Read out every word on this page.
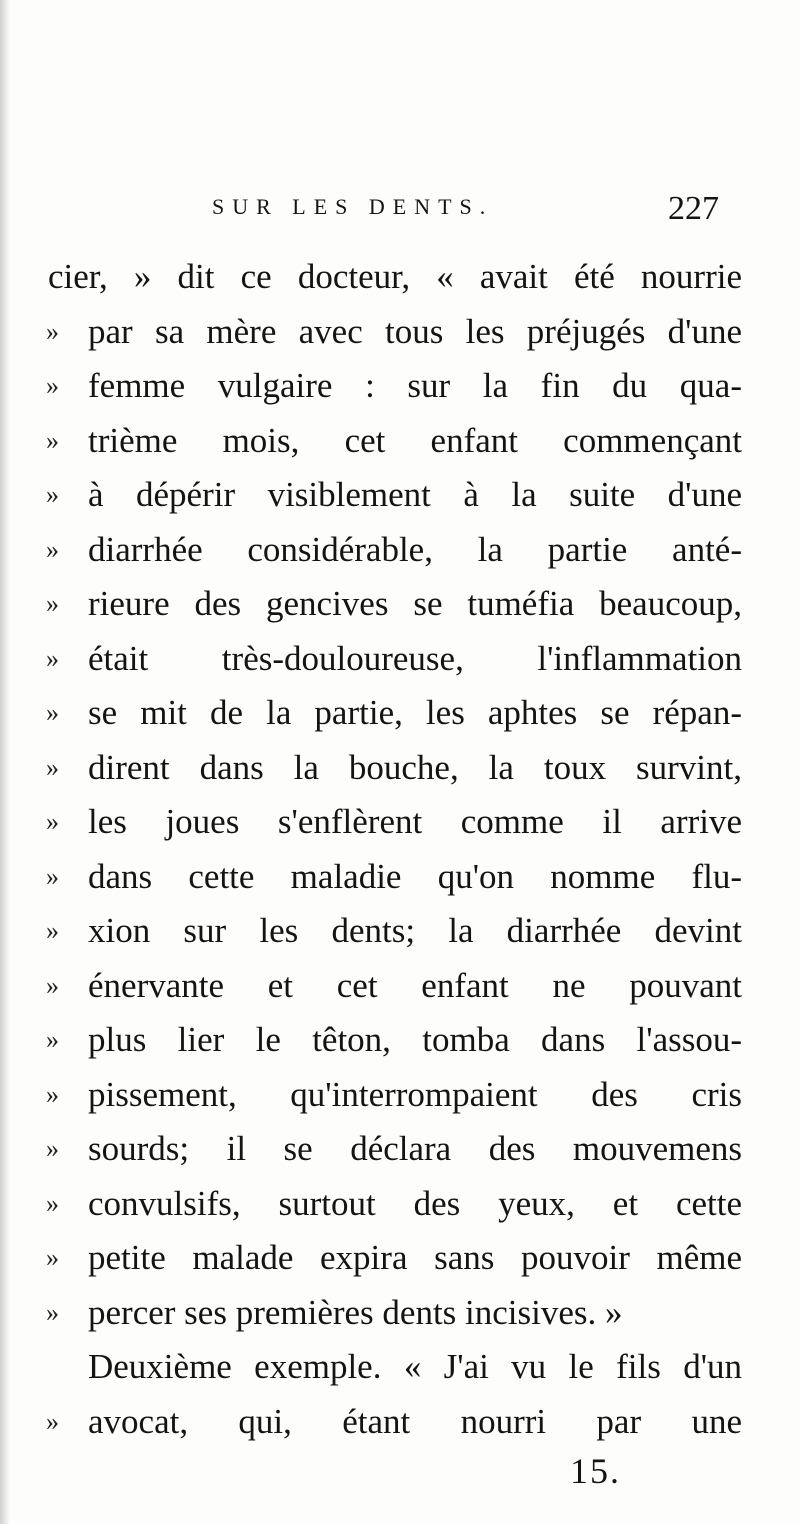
SUR LES DENTS.	227
cier, » dit ce docteur, « avait été nourrie
» par sa mère avec tous les préjugés d'une
» femme vulgaire : sur la fin du qua-
» trième mois, cet enfant commençant
» à dépérir visiblement à la suite d'une
» diarrhée considérable, la partie anté-
» rieure des gencives se tuméfia beaucoup,
» était très-douloureuse, l'inflammation
» se mit de la partie, les aphtes se répan-
» dirent dans la bouche, la toux survint,
» les joues s'enflèrent comme il arrive
» dans cette maladie qu'on nomme flu-
» xion sur les dents; la diarrhée devint
» énervante et cet enfant ne pouvant
» plus lier le têton, tomba dans l'assou-
» pissement, qu'interrompaient des cris
» sourds; il se déclara des mouvemens
» convulsifs, surtout des yeux, et cette
» petite malade expira sans pouvoir même
» percer ses premières dents incisives. »
Deuxième exemple. « J'ai vu le fils d'un
» avocat, qui, étant nourri par une
15.
